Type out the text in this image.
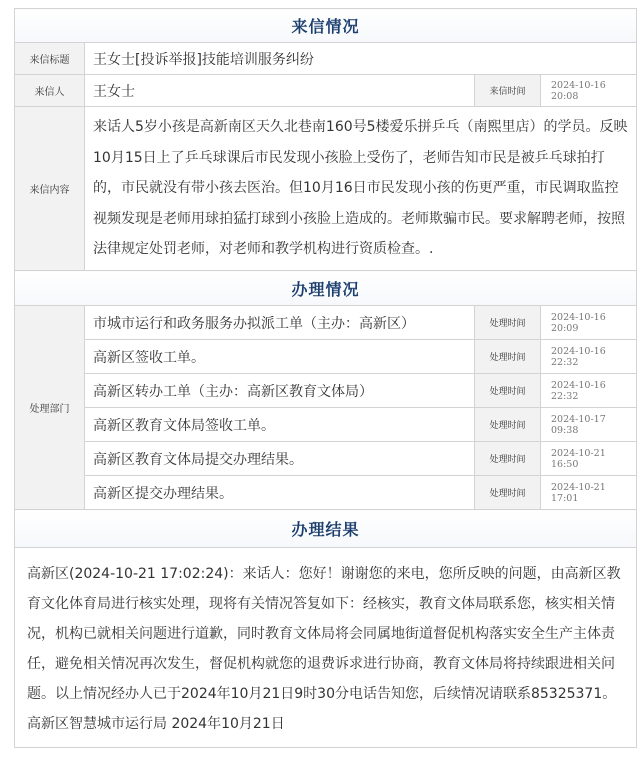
来信情况			
来信标题	王女士[投诉举报]技能培训服务纠纷		
来信人	王女士	来信时间	2024-10-16 20:08
来信内容	来话人5岁小孩是高新南区天久北巷南160号5楼爱乐拼乒乓（南熙里店）的学员。反映10月15日上了乒乓球课后市民发现小孩脸上受伤了，老师告知市民是被乒乓球拍打的，市民就没有带小孩去医治。但10月16日市民发现小孩的伤更严重，市民调取监控视频发现是老师用球拍猛打球到小孩脸上造成的。老师欺骗市民。要求解聘老师，按照法律规定处罚老师，对老师和教学机构进行资质检查。.		
办理情况			
处理部门	市城市运行和政务服务办拟派工单（主办：高新区）	处理时间	2024-10-16 20:09
	高新区签收工单。	处理时间	2024-10-16 22:32
	高新区转办工单（主办：高新区教育文体局）	处理时间	2024-10-16 22:32
	高新区教育文体局签收工单。	处理时间	2024-10-17 09:38
	高新区教育文体局提交办理结果。	处理时间	2024-10-21 16:50
	高新区提交办理结果。	处理时间	2024-10-21 17:01
办理结果			
高新区(2024-10-21 17:02:24)：来话人：您好！谢谢您的来电，您所反映的问题，由高新区教育文化体育局进行核实处理，现将有关情况答复如下：经核实，教育文体局联系您，核实相关情况，机构已就相关问题进行道歉，同时教育文体局将会同属地街道督促机构落实安全生产主体责任，避免相关情况再次发生，督促机构就您的退费诉求进行协商，教育文体局将持续跟进相关问题。以上情况经办人已于2024年10月21日9时30分电话告知您，后续情况请联系85325371。高新区智慧城市运行局 2024年10月21日			
